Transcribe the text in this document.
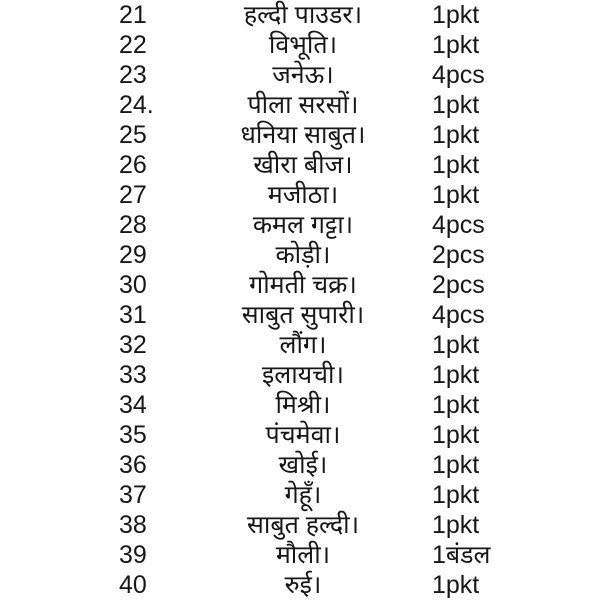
21	हल्दी पाउडर।	1pkt
22	विभूति।	1pkt
23	जनेऊ।	4pcs
24.	पीला सरसों।	1pkt
25	धनिया साबुत।	1pkt
26	खीरा बीज।	1pkt
27	मजीठा।	1pkt
28	कमल गट्टा।	4pcs
29	कोड़ी।	2pcs
30	गोमती चक्र।	2pcs
31	साबुत सुपारी।	4pcs
32	लौंग।	1pkt
33	इलायची।	1pkt
34	मिश्री।	1pkt
35	पंचमेवा।	1pkt
36	खोई।	1pkt
37	गेहूँ।	1pkt
38	साबुत हल्दी।	1pkt
39	मौली।	1बंडल
40	रुई।	1pkt
